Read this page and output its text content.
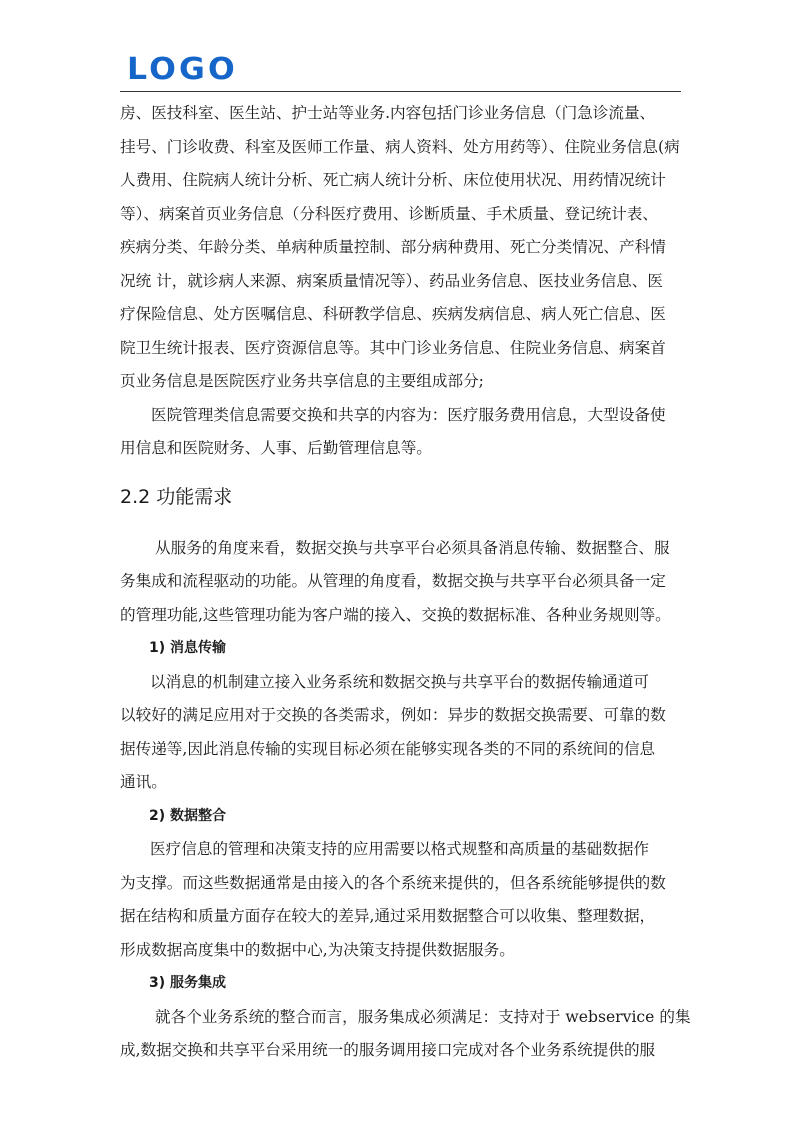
LOGO
房、医技科室、医生站、护士站等业务.内容包括门诊业务信息（门急诊流量、
挂号、门诊收费、科室及医师工作量、病人资料、处方用药等）、住院业务信息(病
人费用、住院病人统计分析、死亡病人统计分析、床位使用状况、用药情况统计
等）、病案首页业务信息（分科医疗费用、诊断质量、手术质量、登记统计表、
疾病分类、年龄分类、单病种质量控制、部分病种费用、死亡分类情况、产科情
况统 计，就诊病人来源、病案质量情况等）、药品业务信息、医技业务信息、医
疗保险信息、处方医嘱信息、科研教学信息、疾病发病信息、病人死亡信息、医
院卫生统计报表、医疗资源信息等。其中门诊业务信息、住院业务信息、病案首
页业务信息是医院医疗业务共享信息的主要组成部分;
医院管理类信息需要交换和共享的内容为：医疗服务费用信息，大型设备使
用信息和医院财务、人事、后勤管理信息等。
2.2 功能需求
从服务的角度来看，数据交换与共享平台必须具备消息传输、数据整合、服
务集成和流程驱动的功能。从管理的角度看，数据交换与共享平台必须具备一定
的管理功能,这些管理功能为客户端的接入、交换的数据标准、各种业务规则等。
1) 消息传输
以消息的机制建立接入业务系统和数据交换与共享平台的数据传输通道可
以较好的满足应用对于交换的各类需求，例如：异步的数据交换需要、可靠的数
据传递等,因此消息传输的实现目标必须在能够实现各类的不同的系统间的信息
通讯。
2) 数据整合
医疗信息的管理和决策支持的应用需要以格式规整和高质量的基础数据作
为支撑。而这些数据通常是由接入的各个系统来提供的，但各系统能够提供的数
据在结构和质量方面存在较大的差异,通过采用数据整合可以收集、整理数据，
形成数据高度集中的数据中心,为决策支持提供数据服务。
3) 服务集成
就各个业务系统的整合而言，服务集成必须满足：支持对于 webservice 的集
成,数据交换和共享平台采用统一的服务调用接口完成对各个业务系统提供的服
